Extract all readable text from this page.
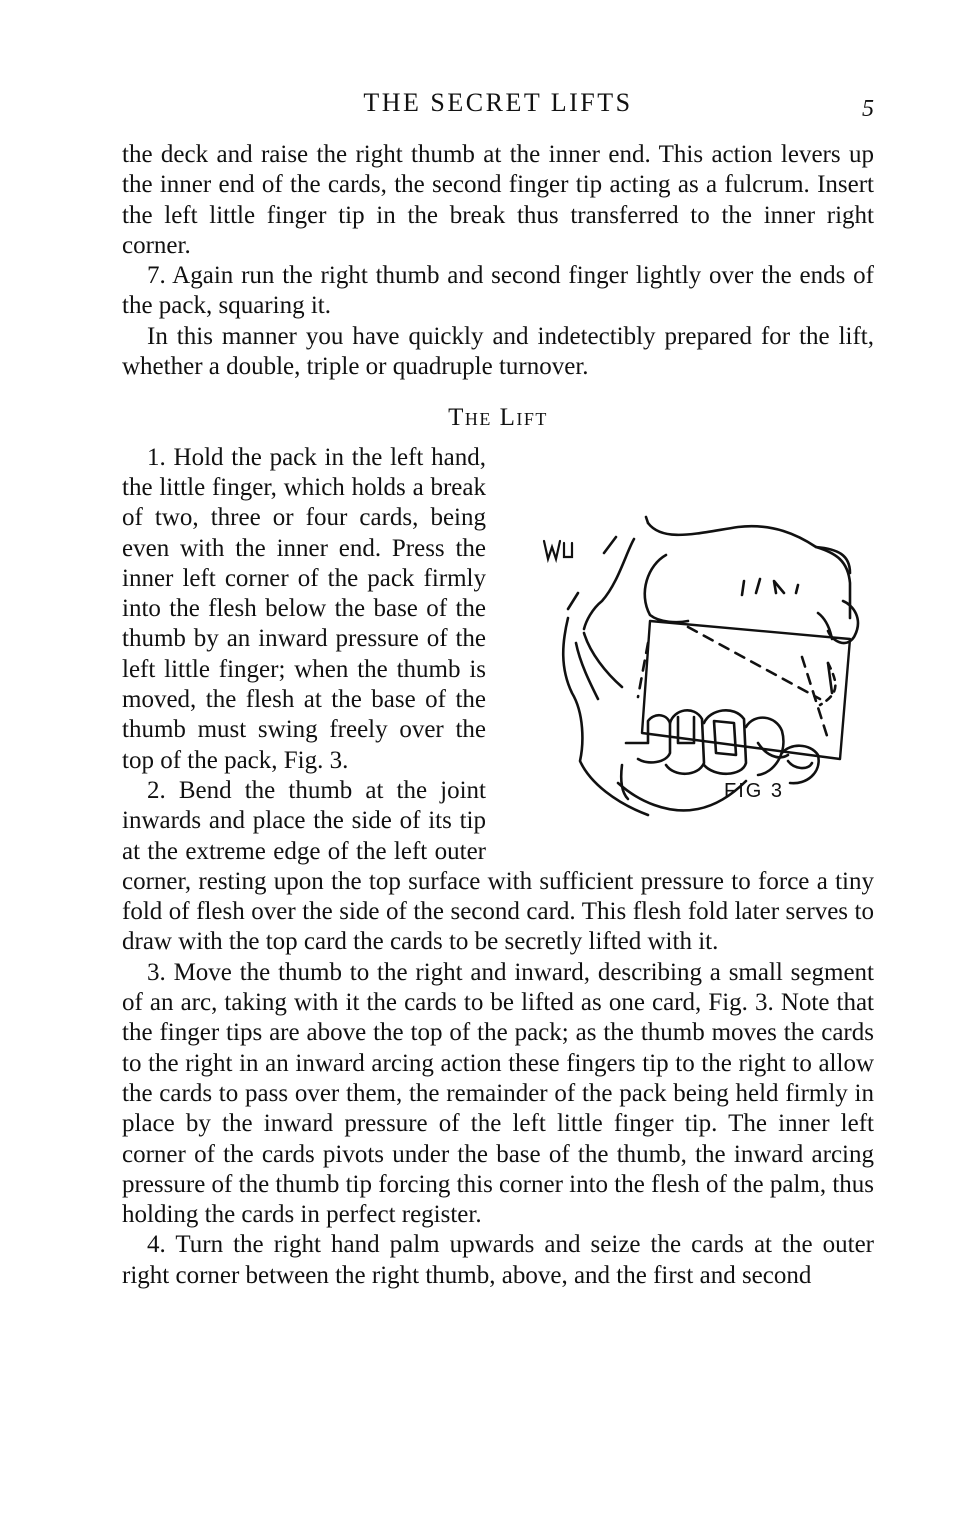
THE SECRET LIFTS	5

the deck and raise the right thumb at the inner end. This action levers up the inner end of the cards, the second finger tip acting as a fulcrum. Insert the left little finger tip in the break thus transferred to the inner right corner.

7. Again run the right thumb and second finger lightly over the ends of the pack, squaring it.

In this manner you have quickly and indetectibly prepared for the lift, whether a double, triple or quadruple turnover.

The Lift

FIG 3

1. Hold the pack in the left hand, the little finger, which holds a break of two, three or four cards, being even with the inner end. Press the inner left corner of the pack firmly into the flesh below the base of the thumb by an inward pressure of the left little finger; when the thumb is moved, the flesh at the base of the thumb must swing freely over the top of the pack, Fig. 3.

2. Bend the thumb at the joint inwards and place the side of its tip at the extreme edge of the left outer corner, resting upon the top surface with sufficient pressure to force a tiny fold of flesh over the side of the second card. This flesh fold later serves to draw with the top card the cards to be secretly lifted with it.

3. Move the thumb to the right and inward, describing a small segment of an arc, taking with it the cards to be lifted as one card, Fig. 3. Note that the finger tips are above the top of the pack; as the thumb moves the cards to the right in an inward arcing action these fingers tip to the right to allow the cards to pass over them, the remainder of the pack being held firmly in place by the inward pressure of the left little finger tip. The inner left corner of the cards pivots under the base of the thumb, the inward arcing pressure of the thumb tip forcing this corner into the flesh of the palm, thus holding the cards in perfect register.

4. Turn the right hand palm upwards and seize the cards at the outer right corner between the right thumb, above, and the first and second
